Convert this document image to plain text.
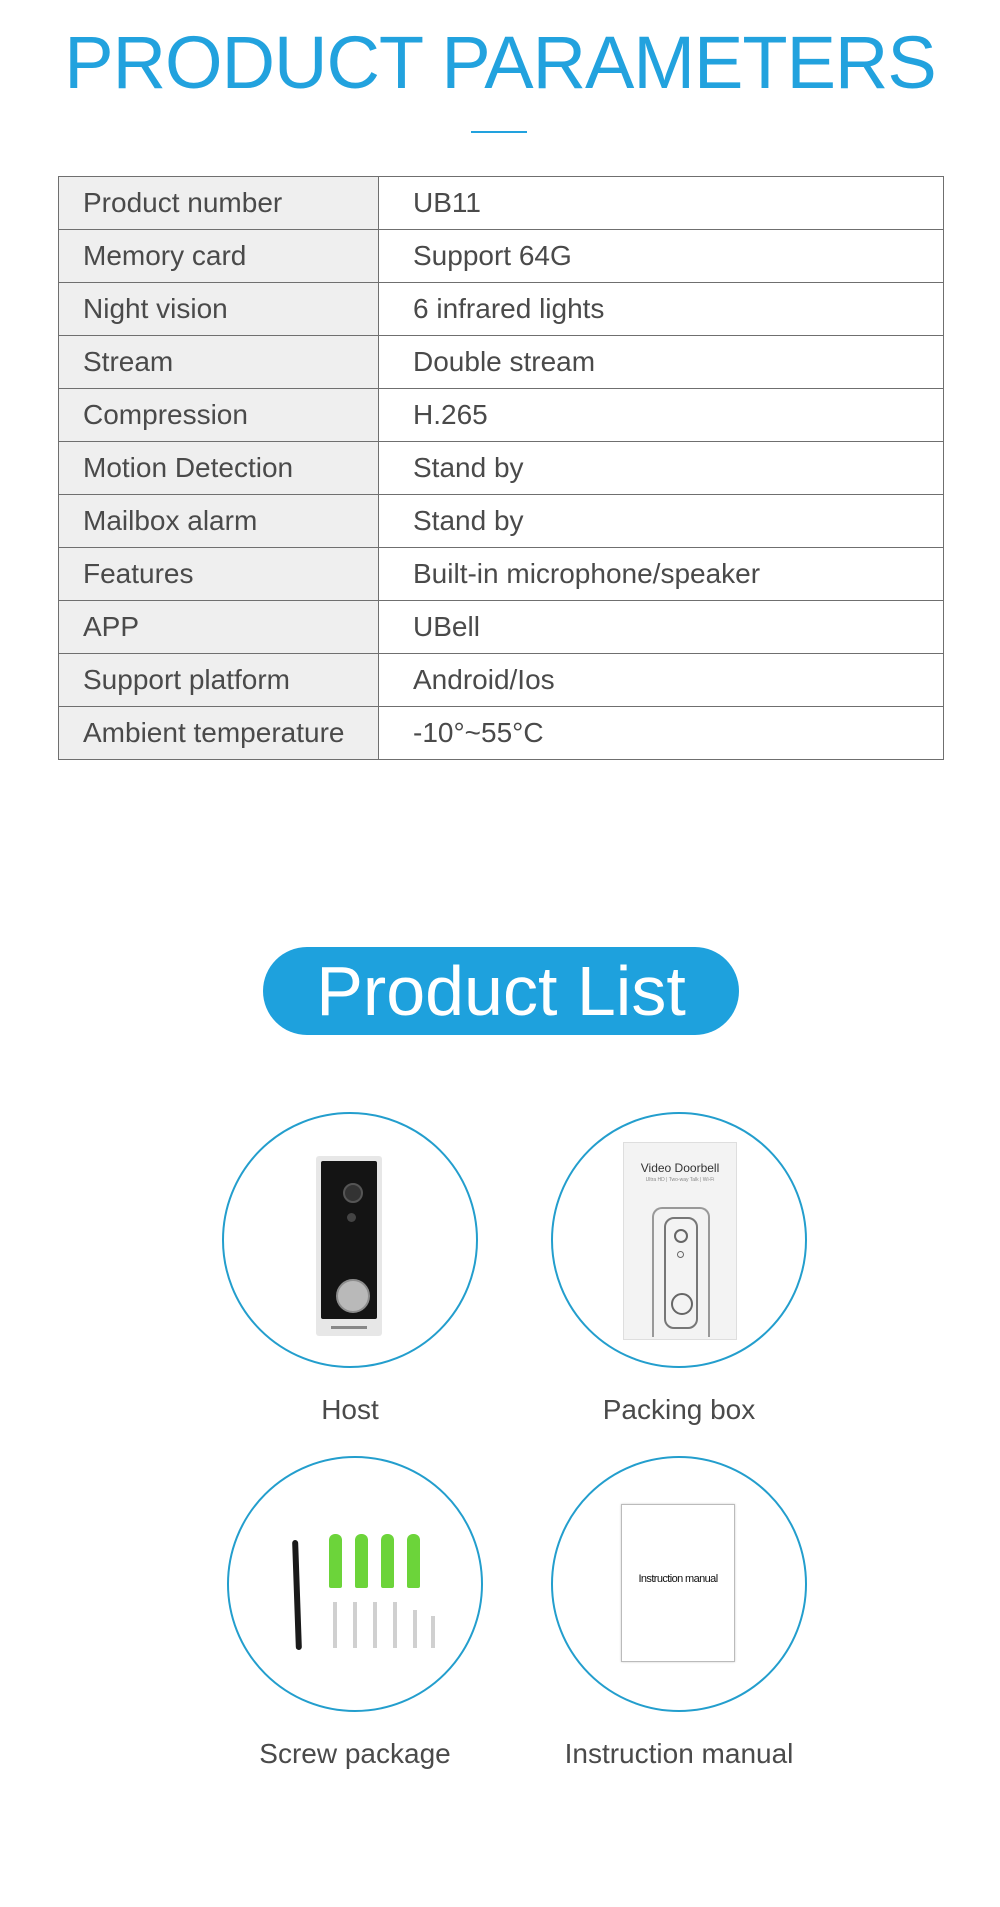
PRODUCT PARAMETERS
Product number	UB11
Memory card	Support 64G
Night vision	6 infrared lights
Stream	Double stream
Compression	H.265
Motion Detection	Stand by
Mailbox alarm	Stand by
Features	Built-in microphone/speaker
APP	UBell
Support platform	Android/Ios
Ambient temperature	-10°~55°C
Product List
Host
Video Doorbell
Ultra HD | Two-way Talk | Wi-Fi
Packing box
Screw package
Instruction manual
Instruction manual
